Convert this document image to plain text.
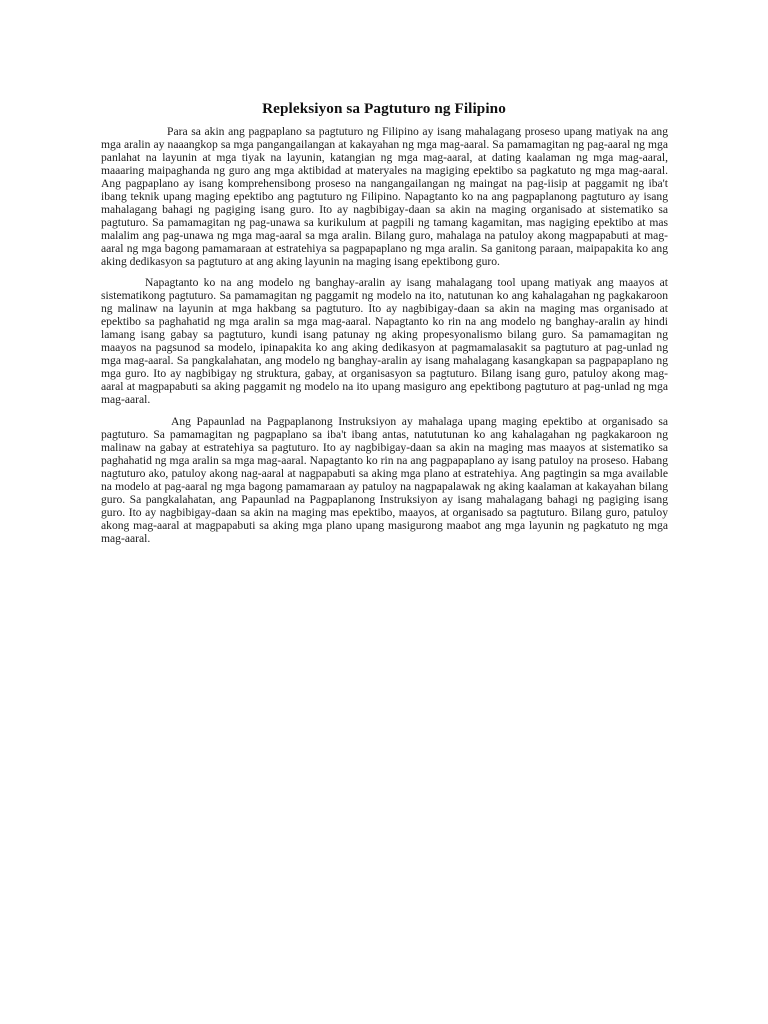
Repleksiyon sa Pagtuturo ng Filipino

Para sa akin ang pagpaplano sa pagtuturo ng Filipino ay isang mahalagang proseso upang matiyak na ang mga aralin ay naaangkop sa mga pangangailangan at kakayahan ng mga mag-aaral. Sa pamamagitan ng pag-aaral ng mga panlahat na layunin at mga tiyak na layunin, katangian ng mga mag-aaral, at dating kaalaman ng mga mag-aaral, maaaring maipaghanda ng guro ang mga aktibidad at materyales na magiging epektibo sa pagkatuto ng mga mag-aaral. Ang pagpaplano ay isang komprehensibong proseso na nangangailangan ng maingat na pag-iisip at paggamit ng iba't ibang teknik upang maging epektibo ang pagtuturo ng Filipino. Napagtanto ko na ang pagpaplanong pagtuturo ay isang mahalagang bahagi ng pagiging isang guro. Ito ay nagbibigay-daan sa akin na maging organisado at sistematiko sa pagtuturo. Sa pamamagitan ng pag-unawa sa kurikulum at pagpili ng tamang kagamitan, mas nagiging epektibo at mas malalim ang pag-unawa ng mga mag-aaral sa mga aralin. Bilang guro, mahalaga na patuloy akong magpapabuti at mag-aaral ng mga bagong pamamaraan at estratehiya sa pagpapaplano ng mga aralin. Sa ganitong paraan, maipapakita ko ang aking dedikasyon sa pagtuturo at ang aking layunin na maging isang epektibong guro.

Napagtanto ko na ang modelo ng banghay-aralin ay isang mahalagang tool upang matiyak ang maayos at sistematikong pagtuturo. Sa pamamagitan ng paggamit ng modelo na ito, natutunan ko ang kahalagahan ng pagkakaroon ng malinaw na layunin at mga hakbang sa pagtuturo. Ito ay nagbibigay-daan sa akin na maging mas organisado at epektibo sa paghahatid ng mga aralin sa mga mag-aaral. Napagtanto ko rin na ang modelo ng banghay-aralin ay hindi lamang isang gabay sa pagtuturo, kundi isang patunay ng aking propesyonalismo bilang guro. Sa pamamagitan ng maayos na pagsunod sa modelo, ipinapakita ko ang aking dedikasyon at pagmamalasakit sa pagtuturo at pag-unlad ng mga mag-aaral. Sa pangkalahatan, ang modelo ng banghay-aralin ay isang mahalagang kasangkapan sa pagpapaplano ng mga guro. Ito ay nagbibigay ng struktura, gabay, at organisasyon sa pagtuturo. Bilang isang guro, patuloy akong mag-aaral at magpapabuti sa aking paggamit ng modelo na ito upang masiguro ang epektibong pagtuturo at pag-unlad ng mga mag-aaral.

Ang Papaunlad na Pagpaplanong Instruksiyon ay mahalaga upang maging epektibo at organisado sa pagtuturo. Sa pamamagitan ng pagpaplano sa iba't ibang antas, natututunan ko ang kahalagahan ng pagkakaroon ng malinaw na gabay at estratehiya sa pagtuturo. Ito ay nagbibigay-daan sa akin na maging mas maayos at sistematiko sa paghahatid ng mga aralin sa mga mag-aaral. Napagtanto ko rin na ang pagpapaplano ay isang patuloy na proseso. Habang nagtuturo ako, patuloy akong nag-aaral at nagpapabuti sa aking mga plano at estratehiya. Ang pagtingin sa mga available na modelo at pag-aaral ng mga bagong pamamaraan ay patuloy na nagpapalawak ng aking kaalaman at kakayahan bilang guro. Sa pangkalahatan, ang Papaunlad na Pagpaplanong Instruksiyon ay isang mahalagang bahagi ng pagiging isang guro. Ito ay nagbibigay-daan sa akin na maging mas epektibo, maayos, at organisado sa pagtuturo. Bilang guro, patuloy akong mag-aaral at magpapabuti sa aking mga plano upang masigurong maabot ang mga layunin ng pagkatuto ng mga mag-aaral.
